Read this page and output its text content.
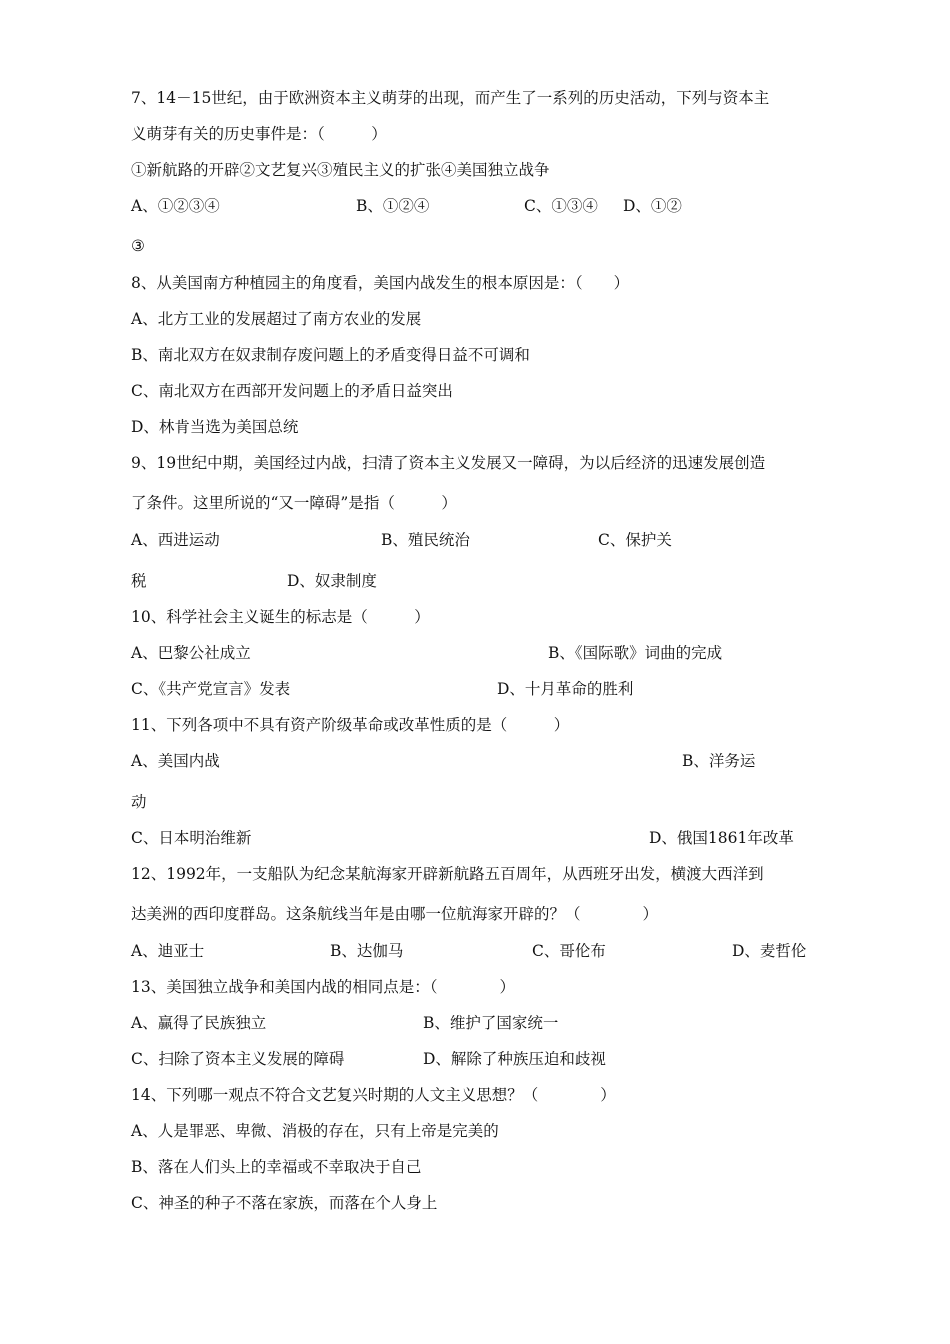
7、14－15世纪，由于欧洲资本主义萌芽的出现，而产生了一系列的历史活动，下列与资本主
义萌芽有关的历史事件是：（　　　）
①新航路的开辟②文艺复兴③殖民主义的扩张④美国独立战争
A、①②③④	B、①②④	C、①③④ D、①②
③
8、从美国南方种植园主的角度看，美国内战发生的根本原因是：（　　）
A、北方工业的发展超过了南方农业的发展
B、南北双方在奴隶制存废问题上的矛盾变得日益不可调和
C、南北双方在西部开发问题上的矛盾日益突出
D、林肯当选为美国总统
9、19世纪中期，美国经过内战，扫清了资本主义发展又一障碍，为以后经济的迅速发展创造
了条件。这里所说的“又一障碍”是指（　　　）
A、西进运动	B、殖民统治	C、保护关
税	D、奴隶制度
10、科学社会主义诞生的标志是（　　　）
A、巴黎公社成立	B、《国际歌》词曲的完成
C、《共产党宣言》发表	D、十月革命的胜利
11、下列各项中不具有资产阶级革命或改革性质的是（　　　）
A、美国内战	B、洋务运
动
C、日本明治维新	D、俄国1861年改革
12、1992年，一支船队为纪念某航海家开辟新航路五百周年，从西班牙出发，横渡大西洋到
达美洲的西印度群岛。这条航线当年是由哪一位航海家开辟的？（　　　　）
A、迪亚士	B、达伽马	C、哥伦布	D、麦哲伦
13、美国独立战争和美国内战的相同点是：（　　　　）
A、赢得了民族独立	B、维护了国家统一
C、扫除了资本主义发展的障碍	D、解除了种族压迫和歧视
14、下列哪一观点不符合文艺复兴时期的人文主义思想？（　　　　）
A、人是罪恶、卑微、消极的存在，只有上帝是完美的
B、落在人们头上的幸福或不幸取决于自己
C、神圣的种子不落在家族，而落在个人身上
